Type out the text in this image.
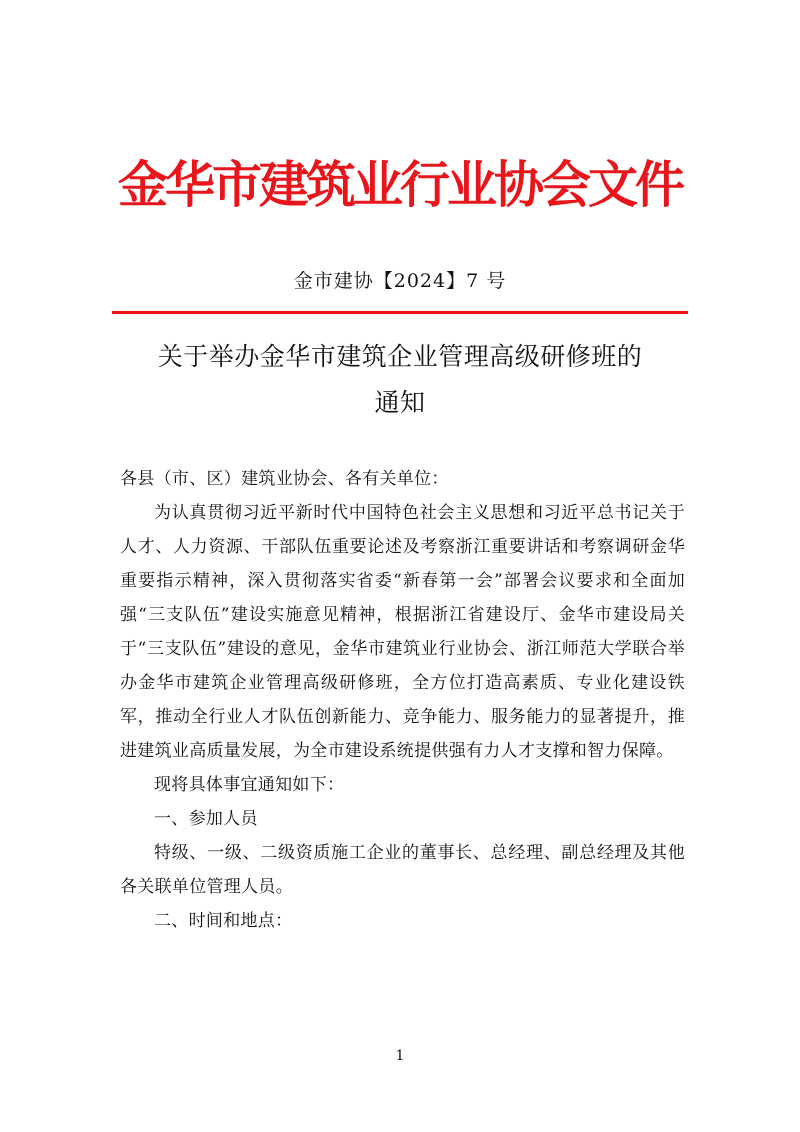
金华市建筑业行业协会文件
金市建协【2024】7 号
关于举办金华市建筑企业管理高级研修班的
通知

各县（市、区）建筑业协会、各有关单位：

为认真贯彻习近平新时代中国特色社会主义思想和习近平总书记关于人才、人力资源、干部队伍重要论述及考察浙江重要讲话和考察调研金华重要指示精神，深入贯彻落实省委“新春第一会”部署会议要求和全面加强“三支队伍”建设实施意见精神，根据浙江省建设厅、金华市建设局关于“三支队伍”建设的意见，金华市建筑业行业协会、浙江师范大学联合举办金华市建筑企业管理高级研修班，全方位打造高素质、专业化建设铁军，推动全行业人才队伍创新能力、竞争能力、服务能力的显著提升，推进建筑业高质量发展，为全市建设系统提供强有力人才支撑和智力保障。

现将具体事宜通知如下：

一、参加人员

特级、一级、二级资质施工企业的董事长、总经理、副总经理及其他各关联单位管理人员。

二、时间和地点：

1
